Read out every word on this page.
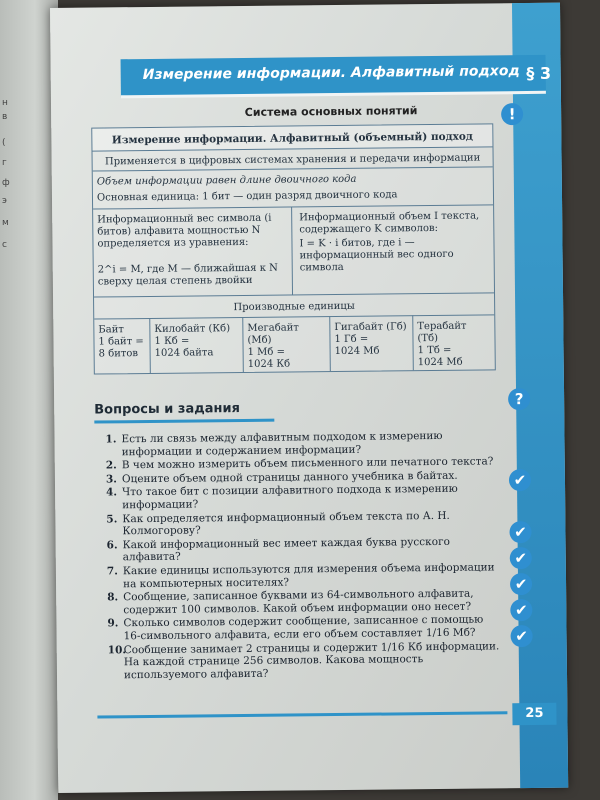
н
в
(
г
ф
э
м
с
Измерение информации. Алфавитный подход § 3
!
Система основных понятий
Измерение информации. Алфавитный (объемный) подход
Применяется в цифровых системах хранения и передачи информации
Объем информации равен длине двоичного кода
Основная единица: 1 бит — один разряд двоичного кода
Информационный вес символа (i битов) алфавита мощностью N определяется из уравнения:
2^i = M, где M — ближайшая к N сверху целая степень двойки
Информационный объем I текста, содержащего K символов:
I = K · i битов, где i — информационный вес одного символа
Производные единицы
Байт
1 байт =
8 битов
Килобайт (Кб)
1 Кб =
1024 байта
Мегабайт (Мб)
1 Мб =
1024 Кб
Гигабайт (Гб)
1 Гб =
1024 Мб
Терабайт (Тб)
1 Тб =
1024 Мб
?
Вопросы и задания
1. Есть ли связь между алфавитным подходом к измерению информации и содержанием информации?
2. В чем можно измерить объем письменного или печатного текста?
3. Оцените объем одной страницы данного учебника в байтах.
4. Что такое бит с позиции алфавитного подхода к измерению информации?
5. Как определяется информационный объем текста по А. Н. Колмогорову?
6. Какой информационный вес имеет каждая буква русского алфавита?
7. Какие единицы используются для измерения объема информации на компьютерных носителях?
8. Сообщение, записанное буквами из 64-символьного алфавита, содержит 100 символов. Какой объем информации оно несет?
9. Сколько символов содержит сообщение, записанное с помощью 16-символьного алфавита, если его объем составляет 1/16 Мб?
10.
Сообщение занимает 2 страницы и содержит 1/16 Кб информации. На каждой странице 256 символов. Какова мощность используемого алфавита?
✔
✔
✔
✔
✔
✔
25
